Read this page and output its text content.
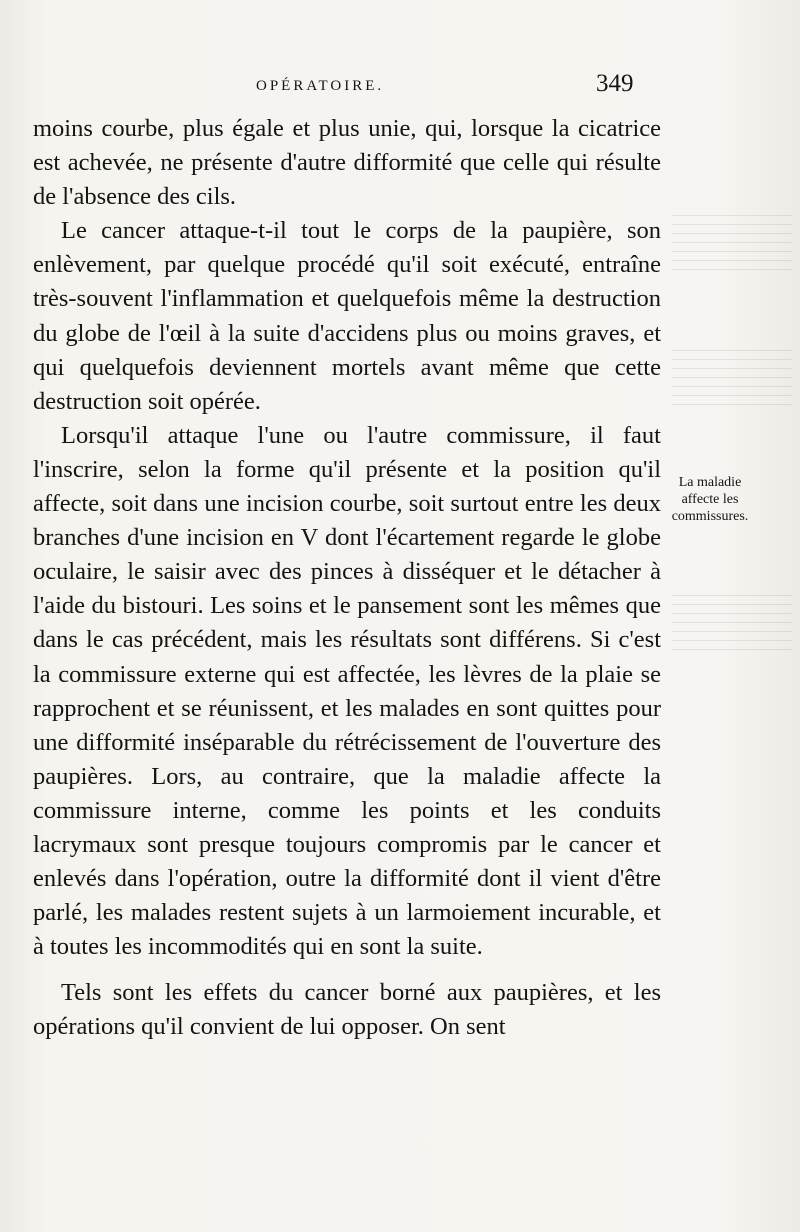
OPÉRATOIRE.	349

moins courbe, plus égale et plus unie, qui, lorsque la cicatrice est achevée, ne présente d'autre difformité que celle qui résulte de l'absence des cils.

Le cancer attaque-t-il tout le corps de la paupière, son enlèvement, par quelque procédé qu'il soit exécuté, entraîne très-souvent l'inflammation et quelquefois même la destruction du globe de l'œil à la suite d'accidens plus ou moins graves, et qui quelquefois deviennent mortels avant même que cette destruction soit opérée.

Lorsqu'il attaque l'une ou l'autre commissure, il faut l'inscrire, selon la forme qu'il présente et la position qu'il affecte, soit dans une incision courbe, soit surtout entre les deux branches d'une incision en V dont l'écartement regarde le globe oculaire, le saisir avec des pinces à disséquer et le détacher à l'aide du bistouri. Les soins et le pansement sont les mêmes que dans le cas précédent, mais les résultats sont différens. Si c'est la commissure externe qui est affectée, les lèvres de la plaie se rapprochent et se réunissent, et les malades en sont quittes pour une difformité inséparable du rétrécissement de l'ouverture des paupières. Lors, au contraire, que la maladie affecte la commissure interne, comme les points et les conduits lacrymaux sont presque toujours compromis par le cancer et enlevés dans l'opération, outre la difformité dont il vient d'être parlé, les malades restent sujets à un larmoiement incurable, et à toutes les incommodités qui en sont la suite.

Tels sont les effets du cancer borné aux paupières, et les opérations qu'il convient de lui opposer. On sent

La maladie affecte les commissures.
